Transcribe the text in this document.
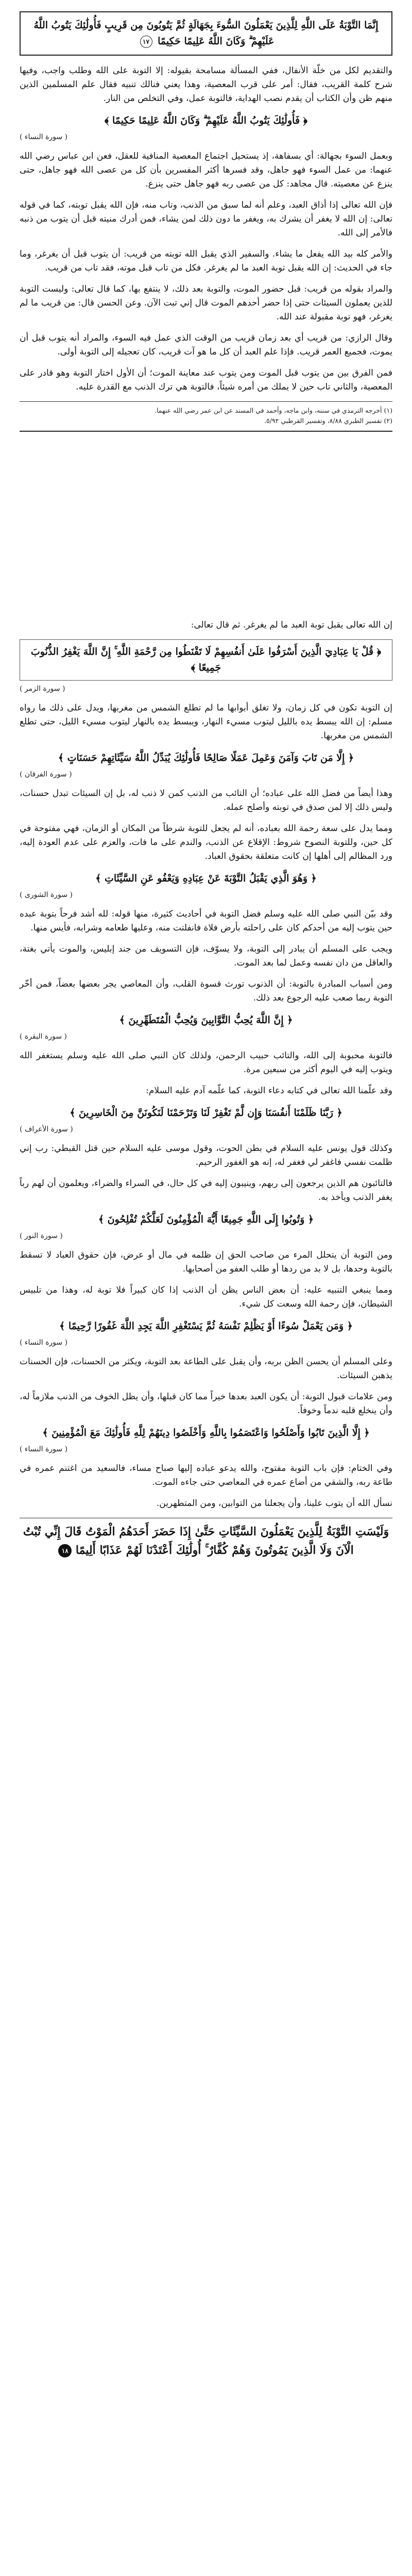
إِنَّمَا التَّوْبَةُ عَلَى اللَّهِ لِلَّذِينَ يَعْمَلُونَ السُّوءَ بِجَهَالَةٍ ثُمَّ يَتُوبُونَ مِن قَرِيبٍ فَأُولَٰئِكَ يَتُوبُ اللَّهُ عَلَيْهِمْ ۗ وَكَانَ اللَّهُ عَلِيمًا حَكِيمًا ١٧

والتقديم لكل من خلّة الأنفال، ففي المسألة مسامحة بقيوله: إلا التوبة على الله وطلب واجب، وفيها شرح كلمة القريب، فقال: أمر على قرب المعصية، وهذا يعني فنالك تنبيه فقال علم المسلمين الذين منهم ظن وأن الكتاب أن يقدم نصب الهداية، فالتوبة عمل، وفي التخلص من النار.

﴿ فَأُولَٰئِكَ يَتُوبُ اللَّهُ عَلَيْهِمْ ۗ وَكَانَ اللَّهُ عَلِيمًا حَكِيمًا ﴾
( سورة النساء )

وبعمل السوء بجهالة: أي بسفاهة، إذ يستحيل اجتماع المعصية المنافية للعقل، فعن ابن عباس رضي الله عنهما: من عمل السوء فهو جاهل، وقد فسرها أكثر المفسرين بأن كل من عصى الله فهو جاهل، حتى ينزع عن معصيته. قال مجاهد: كل من عصى ربه فهو جاهل حتى ينزع.

فإن الله تعالى إذا أذاق العبد، وعلم أنه لما سبق من الذنب، وتاب منه، فإن الله يقبل توبته، كما في قوله تعالى: إن الله لا يغفر أن يشرك به، ويغفر ما دون ذلك لمن يشاء، فمن أدرك منيته قبل أن يتوب من ذنبه فالأمر إلى الله.

والأمر كله بيد الله يفعل ما يشاء. والسفير الذي يقبل الله توبته من قريب: أن يتوب قبل أن يغرغر، وما جاء في الحديث: إن الله يقبل توبة العبد ما لم يغرغر. فكل من تاب قبل موته، فقد تاب من قريب.

والمراد بقوله من قريب: قبل حضور الموت، والتوبة بعد ذلك، لا ينتفع بها، كما قال تعالى: وليست التوبة للذين يعملون السيئات حتى إذا حضر أحدهم الموت قال إني تبت الآن. وعن الحسن قال: من قريب ما لم يغرغر، فهو توبة مقبولة عند الله.

وقال الرازي: من قريب أي بعد زمان قريب من الوقت الذي عمل فيه السوء، والمراد أنه يتوب قبل أن يموت، فجميع العمر قريب. فإذا علم العبد أن كل ما هو آت قريب، كان تعجيله إلى التوبة أولى.

فمن الفرق بين من يتوب قبل الموت ومن يتوب عند معاينة الموت؛ أن الأول اختار التوبة وهو قادر على المعصية، والثاني تاب حين لا يملك من أمره شيئاً، فالتوبة هي ترك الذنب مع القدرة عليه.

(١) أخرجه الترمذي في سننه، وابن ماجه، وأحمد في المسند عن ابن عمر رضي الله عنهما.
(٢) تفسير الطبري ٨/٨٨، وتفسير القرطبي ٥/٩٢.

إن الله تعالى يقبل توبة العبد ما لم يغرغر. ثم قال تعالى:

﴿ قُلْ يَا عِبَادِيَ الَّذِينَ أَسْرَفُوا عَلَىٰ أَنفُسِهِمْ لَا تَقْنَطُوا مِن رَّحْمَةِ اللَّهِ ۚ إِنَّ اللَّهَ يَغْفِرُ الذُّنُوبَ جَمِيعًا ﴾
( سورة الزمر )

إن التوبة تكون في كل زمان، ولا تغلق أبوابها ما لم تطلع الشمس من مغربها، ويدل على ذلك ما رواه مسلم: إن الله يبسط يده بالليل ليتوب مسيء النهار، ويبسط يده بالنهار ليتوب مسيء الليل، حتى تطلع الشمس من مغربها.

﴿ إِلَّا مَن تَابَ وَآمَنَ وَعَمِلَ عَمَلًا صَالِحًا فَأُولَٰئِكَ يُبَدِّلُ اللَّهُ سَيِّئَاتِهِمْ حَسَنَاتٍ ﴾
( سورة الفرقان )

وهذا أيضاً من فضل الله على عباده؛ أن التائب من الذنب كمن لا ذنب له، بل إن السيئات تبدل حسنات، وليس ذلك إلا لمن صدق في توبته وأصلح عمله.

ومما يدل على سعة رحمة الله بعباده، أنه لم يجعل للتوبة شرطاً من المكان أو الزمان، فهي مفتوحة في كل حين، وللتوبة النصوح شروط: الإقلاع عن الذنب، والندم على ما فات، والعزم على عدم العودة إليه، ورد المظالم إلى أهلها إن كانت متعلقة بحقوق العباد.

﴿ وَهُوَ الَّذِي يَقْبَلُ التَّوْبَةَ عَنْ عِبَادِهِ وَيَعْفُو عَنِ السَّيِّئَاتِ ﴾
( سورة الشورى )

وقد بيّن النبي صلى الله عليه وسلم فضل التوبة في أحاديث كثيرة، منها قوله: لله أشد فرحاً بتوبة عبده حين يتوب إليه من أحدكم كان على راحلته بأرض فلاة فانفلتت منه، وعليها طعامه وشرابه، فأيس منها.

ويجب على المسلم أن يبادر إلى التوبة، ولا يسوّف، فإن التسويف من جند إبليس، والموت يأتي بغتة، والعاقل من دان نفسه وعمل لما بعد الموت.

ومن أسباب المبادرة بالتوبة: أن الذنوب تورث قسوة القلب، وأن المعاصي يجر بعضها بعضاً، فمن أخّر التوبة ربما صعب عليه الرجوع بعد ذلك.

﴿ إِنَّ اللَّهَ يُحِبُّ التَّوَّابِينَ وَيُحِبُّ الْمُتَطَهِّرِينَ ﴾
( سورة البقرة )

فالتوبة محبوبة إلى الله، والتائب حبيب الرحمن، ولذلك كان النبي صلى الله عليه وسلم يستغفر الله ويتوب إليه في اليوم أكثر من سبعين مرة.

وقد علّمنا الله تعالى في كتابه دعاء التوبة، كما علّمه آدم عليه السلام:

﴿ رَبَّنَا ظَلَمْنَا أَنفُسَنَا وَإِن لَّمْ تَغْفِرْ لَنَا وَتَرْحَمْنَا لَنَكُونَنَّ مِنَ الْخَاسِرِينَ ﴾
( سورة الأعراف )

وكذلك قول يونس عليه السلام في بطن الحوت، وقول موسى عليه السلام حين قتل القبطي: رب إني ظلمت نفسي فاغفر لي فغفر له، إنه هو الغفور الرحيم.

فالتائبون هم الذين يرجعون إلى ربهم، وينيبون إليه في كل حال، في السراء والضراء، ويعلمون أن لهم رباً يغفر الذنب ويأخذ به.

﴿ وَتُوبُوا إِلَى اللَّهِ جَمِيعًا أَيُّهَ الْمُؤْمِنُونَ لَعَلَّكُمْ تُفْلِحُونَ ﴾
( سورة النور )

ومن التوبة أن يتحلل المرء من صاحب الحق إن ظلمه في مال أو عرض، فإن حقوق العباد لا تسقط بالتوبة وحدها، بل لا بد من ردها أو طلب العفو من أصحابها.

ومما ينبغي التنبيه عليه: أن بعض الناس يظن أن الذنب إذا كان كبيراً فلا توبة له، وهذا من تلبيس الشيطان، فإن رحمة الله وسعت كل شيء.

﴿ وَمَن يَعْمَلْ سُوءًا أَوْ يَظْلِمْ نَفْسَهُ ثُمَّ يَسْتَغْفِرِ اللَّهَ يَجِدِ اللَّهَ غَفُورًا رَّحِيمًا ﴾
( سورة النساء )

وعلى المسلم أن يحسن الظن بربه، وأن يقبل على الطاعة بعد التوبة، ويكثر من الحسنات، فإن الحسنات يذهبن السيئات.

ومن علامات قبول التوبة: أن يكون العبد بعدها خيراً مما كان قبلها، وأن يظل الخوف من الذنب ملازماً له، وأن ينخلع قلبه ندماً وخوفاً.

﴿ إِلَّا الَّذِينَ تَابُوا وَأَصْلَحُوا وَاعْتَصَمُوا بِاللَّهِ وَأَخْلَصُوا دِينَهُمْ لِلَّهِ فَأُولَٰئِكَ مَعَ الْمُؤْمِنِينَ ﴾
( سورة النساء )

وفي الختام: فإن باب التوبة مفتوح، والله يدعو عباده إليها صباح مساء، فالسعيد من اغتنم عمره في طاعة ربه، والشقي من أضاع عمره في المعاصي حتى جاءه الموت.

نسأل الله أن يتوب علينا، وأن يجعلنا من التوابين، ومن المتطهرين.

وَلَيْسَتِ التَّوْبَةُ لِلَّذِينَ يَعْمَلُونَ السَّيِّئَاتِ حَتَّىٰ إِذَا حَضَرَ أَحَدَهُمُ الْمَوْتُ قَالَ إِنِّي تُبْتُ الْآنَ وَلَا الَّذِينَ يَمُوتُونَ وَهُمْ كُفَّارٌ ۚ أُولَٰئِكَ أَعْتَدْنَا لَهُمْ عَذَابًا أَلِيمًا ١٨
